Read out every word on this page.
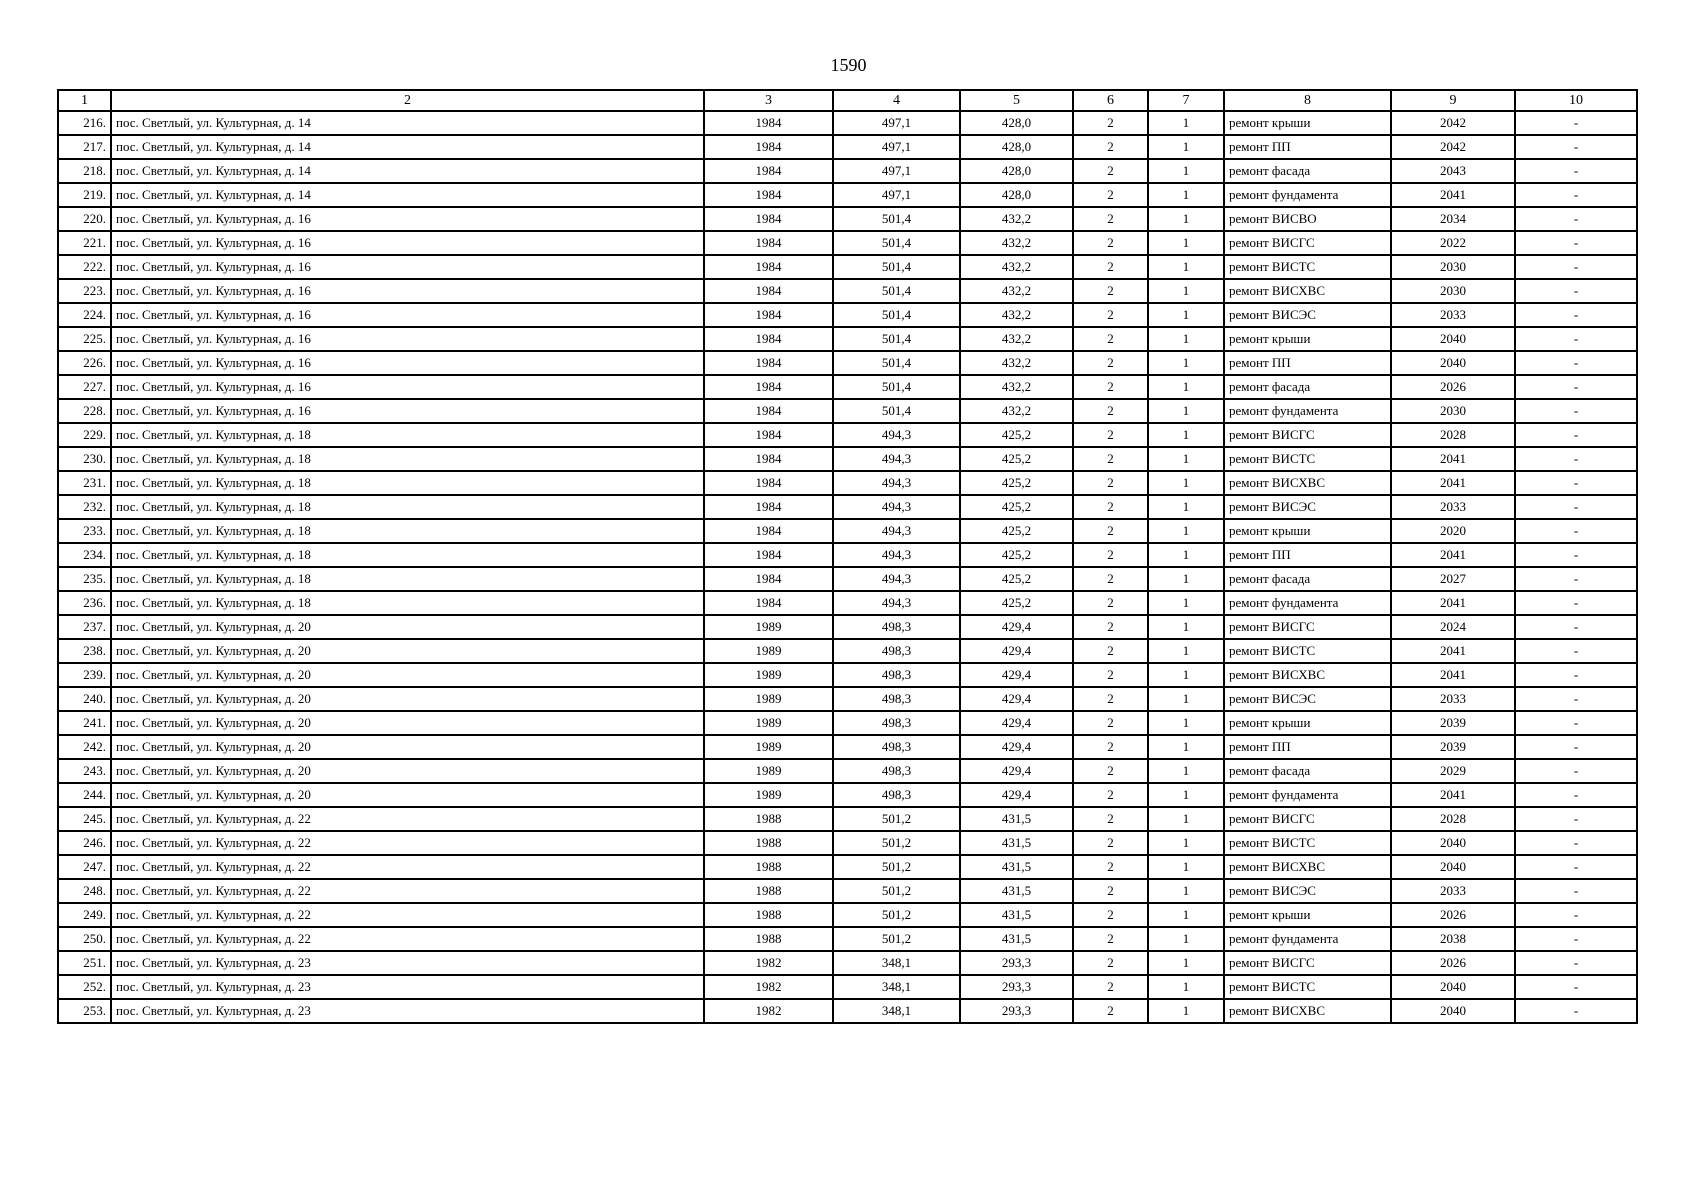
1590
1	2	3	4	5	6	7	8	9	10
216.	пос. Светлый, ул. Культурная, д. 14	1984	497,1	428,0	2	1	ремонт крыши	2042	-
217.	пос. Светлый, ул. Культурная, д. 14	1984	497,1	428,0	2	1	ремонт ПП	2042	-
218.	пос. Светлый, ул. Культурная, д. 14	1984	497,1	428,0	2	1	ремонт фасада	2043	-
219.	пос. Светлый, ул. Культурная, д. 14	1984	497,1	428,0	2	1	ремонт фундамента	2041	-
220.	пос. Светлый, ул. Культурная, д. 16	1984	501,4	432,2	2	1	ремонт ВИСВО	2034	-
221.	пос. Светлый, ул. Культурная, д. 16	1984	501,4	432,2	2	1	ремонт ВИСГС	2022	-
222.	пос. Светлый, ул. Культурная, д. 16	1984	501,4	432,2	2	1	ремонт ВИСТС	2030	-
223.	пос. Светлый, ул. Культурная, д. 16	1984	501,4	432,2	2	1	ремонт ВИСХВС	2030	-
224.	пос. Светлый, ул. Культурная, д. 16	1984	501,4	432,2	2	1	ремонт ВИСЭС	2033	-
225.	пос. Светлый, ул. Культурная, д. 16	1984	501,4	432,2	2	1	ремонт крыши	2040	-
226.	пос. Светлый, ул. Культурная, д. 16	1984	501,4	432,2	2	1	ремонт ПП	2040	-
227.	пос. Светлый, ул. Культурная, д. 16	1984	501,4	432,2	2	1	ремонт фасада	2026	-
228.	пос. Светлый, ул. Культурная, д. 16	1984	501,4	432,2	2	1	ремонт фундамента	2030	-
229.	пос. Светлый, ул. Культурная, д. 18	1984	494,3	425,2	2	1	ремонт ВИСГС	2028	-
230.	пос. Светлый, ул. Культурная, д. 18	1984	494,3	425,2	2	1	ремонт ВИСТС	2041	-
231.	пос. Светлый, ул. Культурная, д. 18	1984	494,3	425,2	2	1	ремонт ВИСХВС	2041	-
232.	пос. Светлый, ул. Культурная, д. 18	1984	494,3	425,2	2	1	ремонт ВИСЭС	2033	-
233.	пос. Светлый, ул. Культурная, д. 18	1984	494,3	425,2	2	1	ремонт крыши	2020	-
234.	пос. Светлый, ул. Культурная, д. 18	1984	494,3	425,2	2	1	ремонт ПП	2041	-
235.	пос. Светлый, ул. Культурная, д. 18	1984	494,3	425,2	2	1	ремонт фасада	2027	-
236.	пос. Светлый, ул. Культурная, д. 18	1984	494,3	425,2	2	1	ремонт фундамента	2041	-
237.	пос. Светлый, ул. Культурная, д. 20	1989	498,3	429,4	2	1	ремонт ВИСГС	2024	-
238.	пос. Светлый, ул. Культурная, д. 20	1989	498,3	429,4	2	1	ремонт ВИСТС	2041	-
239.	пос. Светлый, ул. Культурная, д. 20	1989	498,3	429,4	2	1	ремонт ВИСХВС	2041	-
240.	пос. Светлый, ул. Культурная, д. 20	1989	498,3	429,4	2	1	ремонт ВИСЭС	2033	-
241.	пос. Светлый, ул. Культурная, д. 20	1989	498,3	429,4	2	1	ремонт крыши	2039	-
242.	пос. Светлый, ул. Культурная, д. 20	1989	498,3	429,4	2	1	ремонт ПП	2039	-
243.	пос. Светлый, ул. Культурная, д. 20	1989	498,3	429,4	2	1	ремонт фасада	2029	-
244.	пос. Светлый, ул. Культурная, д. 20	1989	498,3	429,4	2	1	ремонт фундамента	2041	-
245.	пос. Светлый, ул. Культурная, д. 22	1988	501,2	431,5	2	1	ремонт ВИСГС	2028	-
246.	пос. Светлый, ул. Культурная, д. 22	1988	501,2	431,5	2	1	ремонт ВИСТС	2040	-
247.	пос. Светлый, ул. Культурная, д. 22	1988	501,2	431,5	2	1	ремонт ВИСХВС	2040	-
248.	пос. Светлый, ул. Культурная, д. 22	1988	501,2	431,5	2	1	ремонт ВИСЭС	2033	-
249.	пос. Светлый, ул. Культурная, д. 22	1988	501,2	431,5	2	1	ремонт крыши	2026	-
250.	пос. Светлый, ул. Культурная, д. 22	1988	501,2	431,5	2	1	ремонт фундамента	2038	-
251.	пос. Светлый, ул. Культурная, д. 23	1982	348,1	293,3	2	1	ремонт ВИСГС	2026	-
252.	пос. Светлый, ул. Культурная, д. 23	1982	348,1	293,3	2	1	ремонт ВИСТС	2040	-
253.	пос. Светлый, ул. Культурная, д. 23	1982	348,1	293,3	2	1	ремонт ВИСХВС	2040	-
